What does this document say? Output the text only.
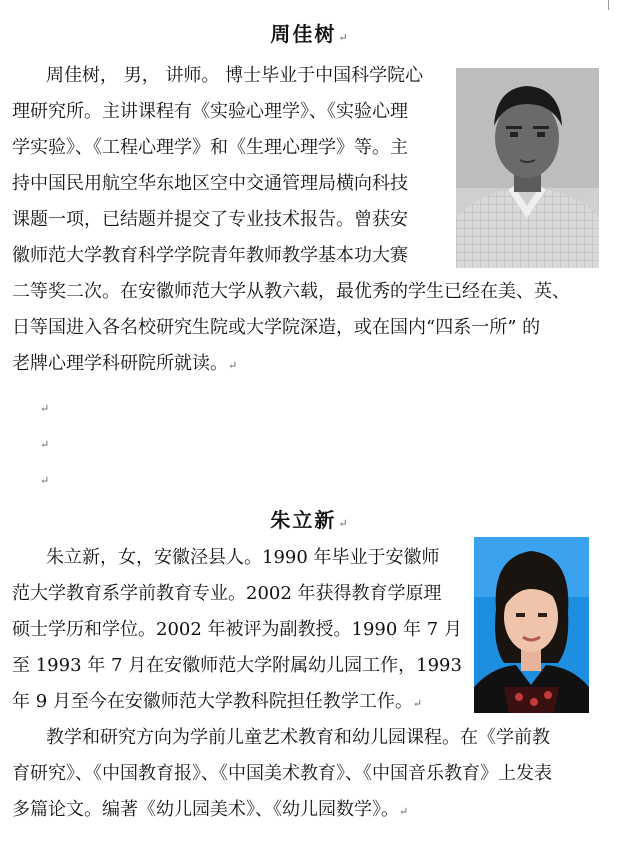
周佳树 ↵
周佳树， 男， 讲师。 博士毕业于中国科学院心
理研究所。主讲课程有《实验心理学》、《实验心理
学实验》、《工程心理学》和《生理心理学》等。主
持中国民用航空华东地区空中交通管理局横向科技
课题一项，已结题并提交了专业技术报告。曾获安
徽师范大学教育科学学院青年教师教学基本功大赛
二等奖二次。在安徽师范大学从教六载，最优秀的学生已经在美、英、
日等国进入各名校研究生院或大学院深造，或在国内“四系一所” 的
老牌心理学科研院所就读。↵
↵
↵
↵
朱立新 ↵
朱立新，女，安徽泾县人。1990 年毕业于安徽师
范大学教育系学前教育专业。2002 年获得教育学原理
硕士学历和学位。2002 年被评为副教授。1990 年 7 月
至 1993 年 7 月在安徽师范大学附属幼儿园工作，1993
年 9 月至今在安徽师范大学教科院担任教学工作。↵
教学和研究方向为学前儿童艺术教育和幼儿园课程。在《学前教
育研究》、《中国教育报》、《中国美术教育》、《中国音乐教育》上发表
多篇论文。编著《幼儿园美术》、《幼儿园数学》。↵
